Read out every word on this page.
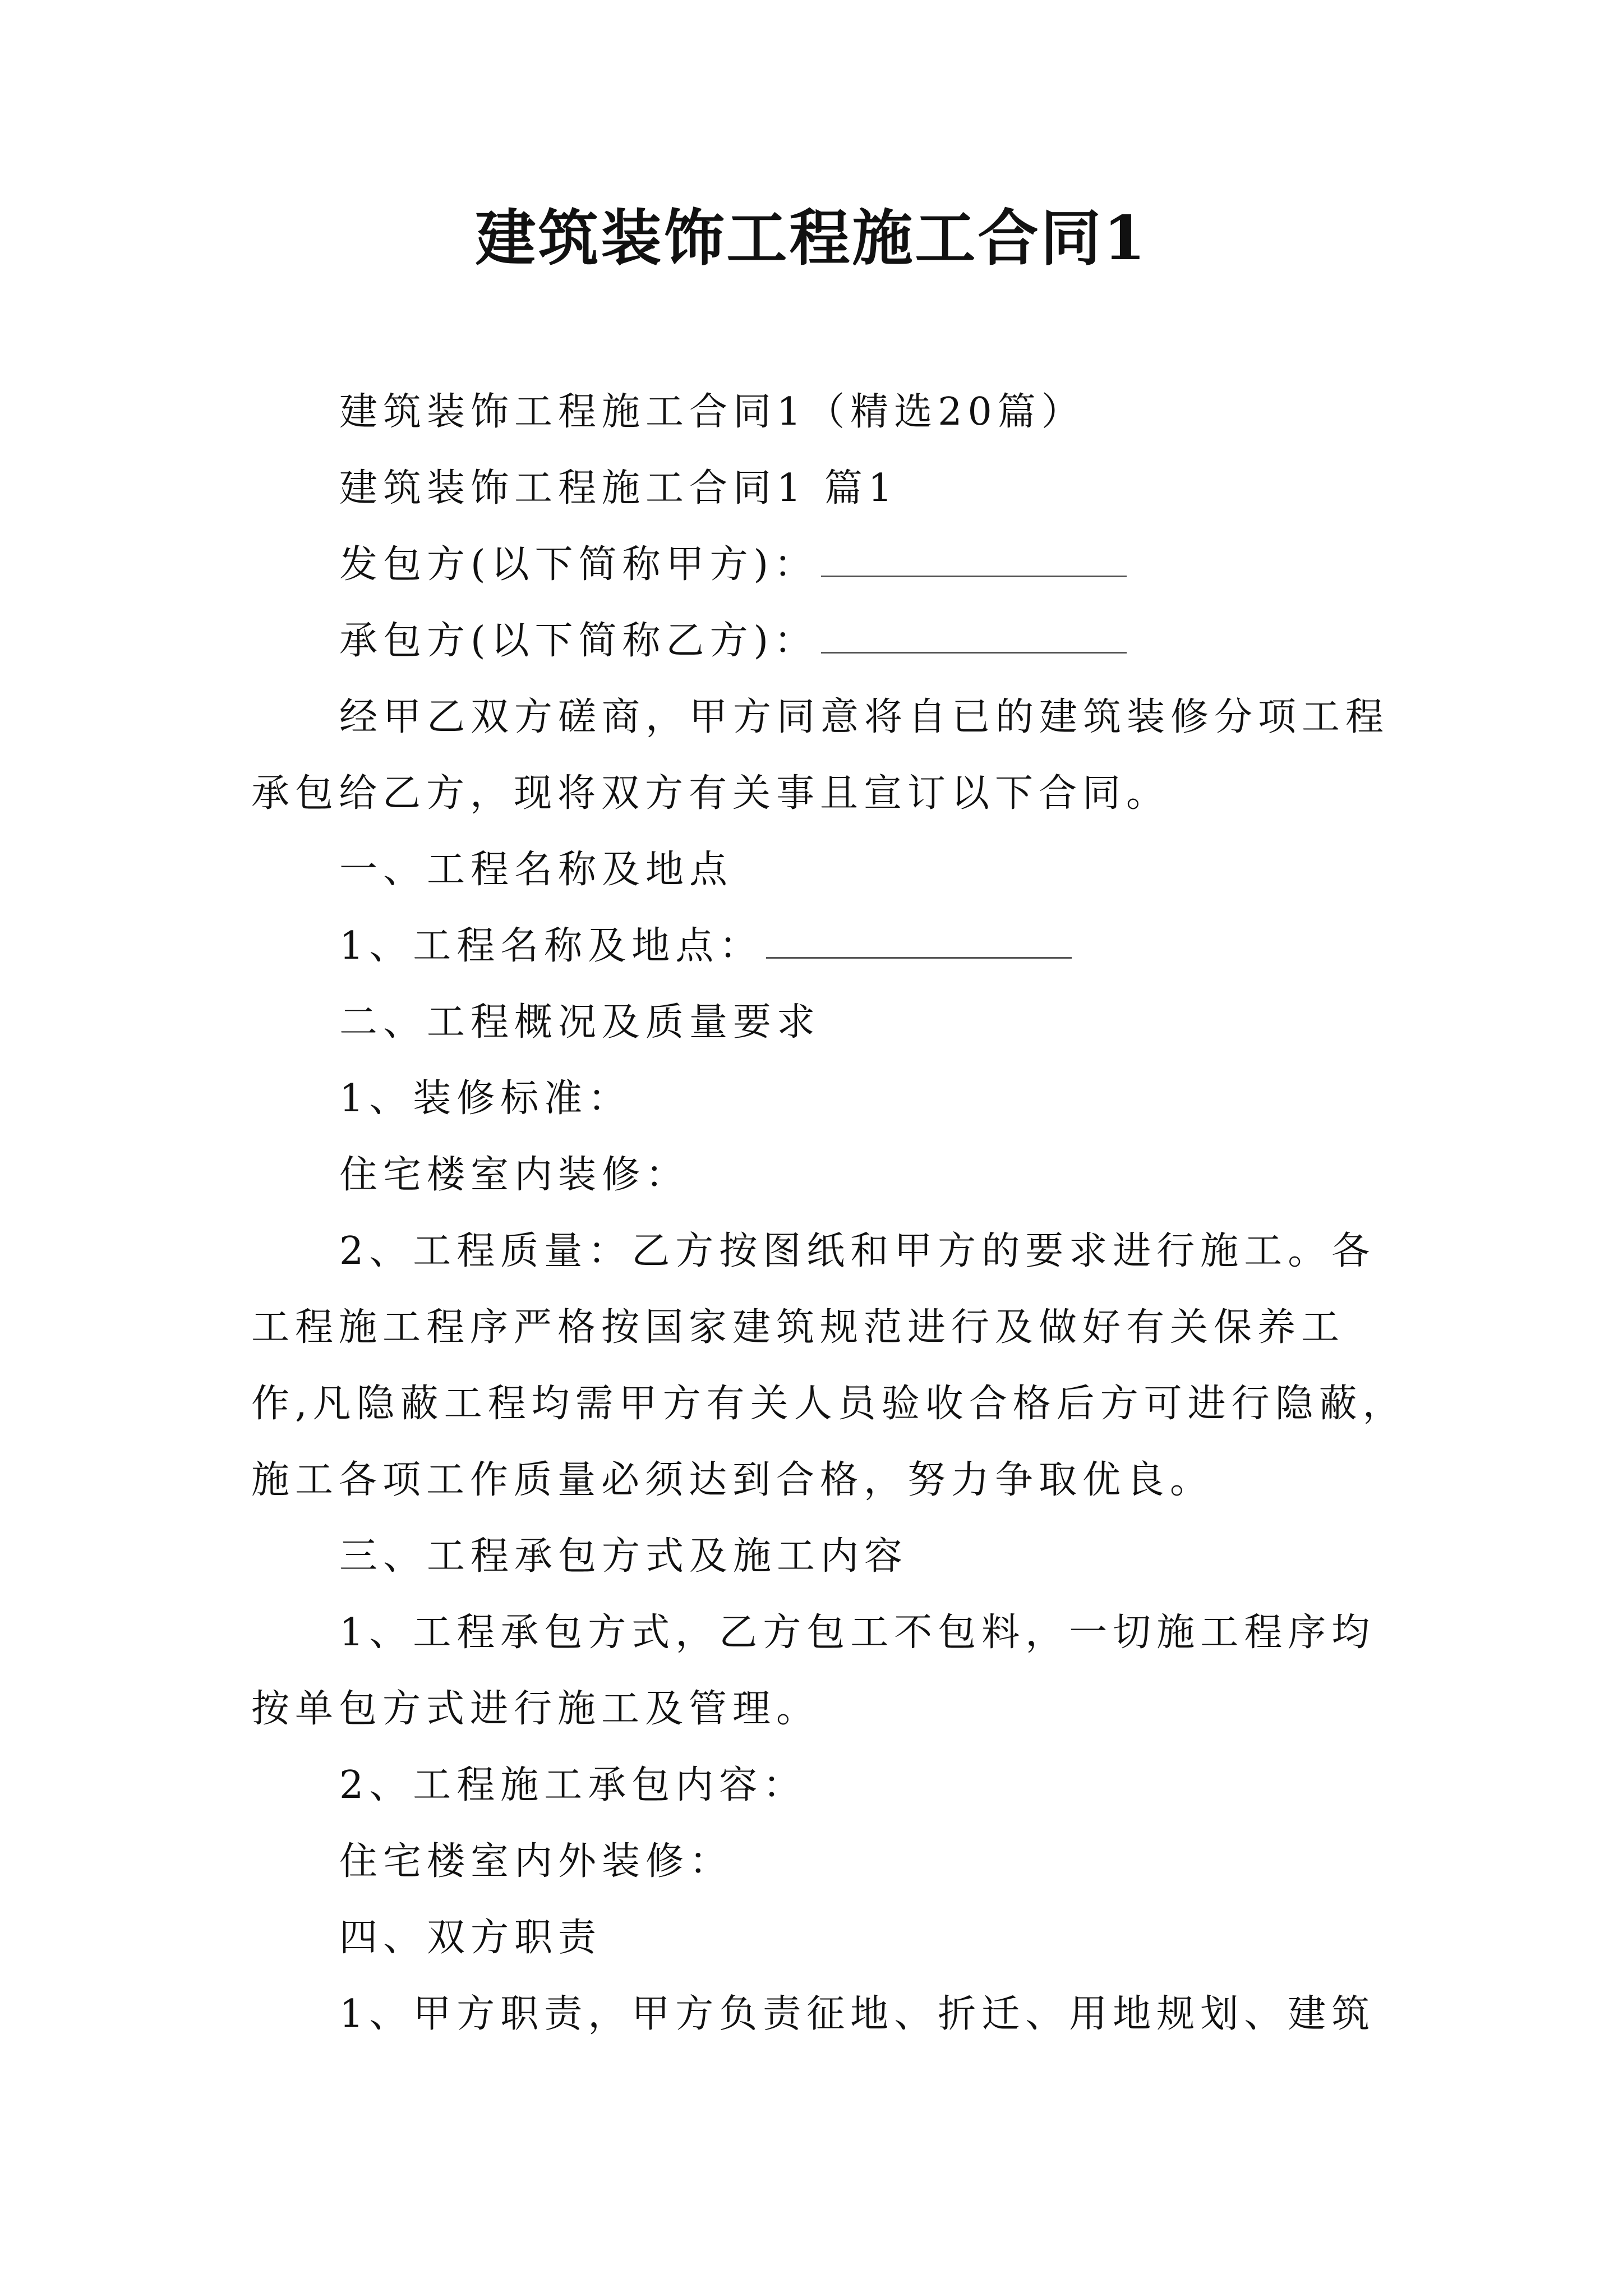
建筑装饰工程施工合同1
建筑装饰工程施工合同1（精选20篇）
建筑装饰工程施工合同1 篇1
发包方(以下简称甲方)：
承包方(以下简称乙方)：
经甲乙双方磋商，甲方同意将自已的建筑装修分项工程
承包给乙方，现将双方有关事且宣订以下合同。
一、工程名称及地点
1、工程名称及地点：
二、工程概况及质量要求
1、装修标准：
住宅楼室内装修：
2、工程质量：乙方按图纸和甲方的要求进行施工。各
工程施工程序严格按国家建筑规范进行及做好有关保养工
作,凡隐蔽工程均需甲方有关人员验收合格后方可进行隐蔽，
施工各项工作质量必须达到合格，努力争取优良。
三、工程承包方式及施工内容
1、工程承包方式，乙方包工不包料，一切施工程序均
按单包方式进行施工及管理。
2、工程施工承包内容：
住宅楼室内外装修：
四、双方职责
1、甲方职责，甲方负责征地、折迁、用地规划、建筑
